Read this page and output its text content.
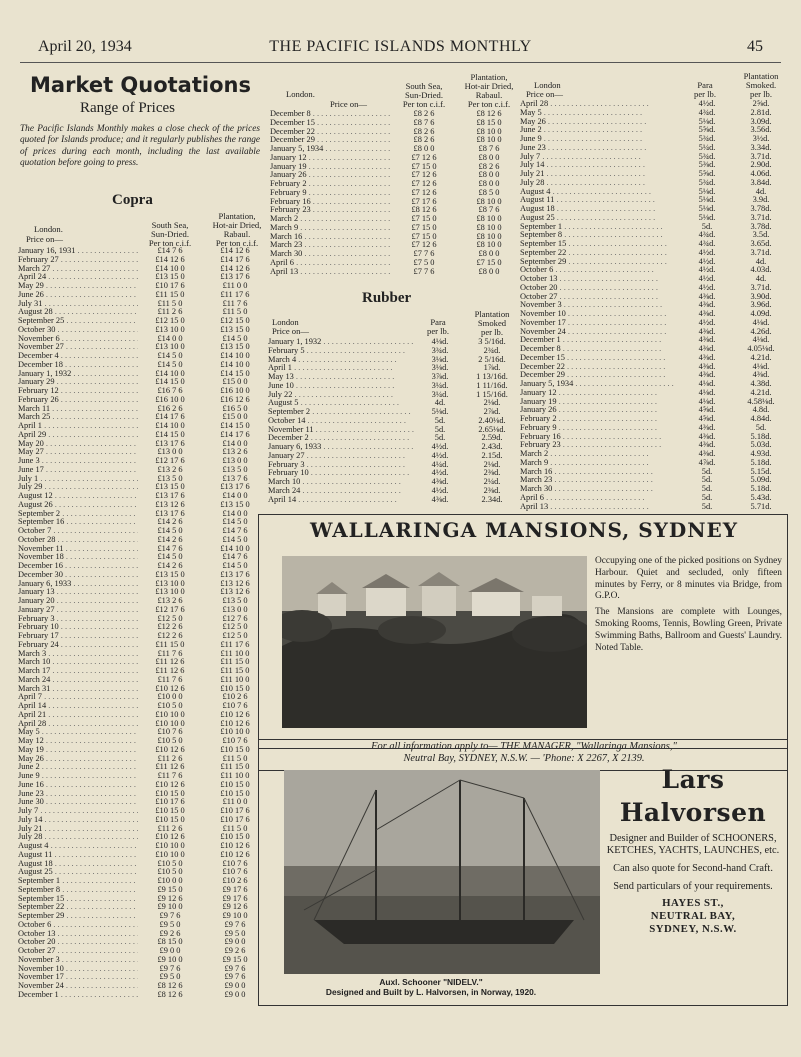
April 20, 1934	THE PACIFIC ISLANDS MONTHLY	45
Market Quotations
Range of Prices
The Pacific Islands Monthly makes a close check of the prices quoted for Islands produce; and it regularly publishes the range of prices during each month, including the last available quotation before going to press.
Copra
London.
Price on—
South Sea,
Sun-Dried.
Per ton c.i.f.
Plantation,
Hot-air Dried,
Rabaul.
Per ton c.i.f.
January 16, 1931 . . .	£14 7 6	£14 12 6
February 27 . . .	£14 12 6	£14 17 6
March 27 . . .	£14 10 0	£14 12 6
April 24 . . .	£13 15 0	£13 17 6
May 29 . . .	£10 17 6	£11 0 0
June 26 . . .	£11 15 0	£11 17 6
July 31 . . .	£11 5 0	£11 7 6
August 28 . . .	£11 2 6	£11 5 0
September 25 . . .	£12 15 0	£12 15 0
October 30 . . .	£13 10 0	£13 15 0
November 6 . . .	£14 0 0	£14 5 0
November 27 . . .	£13 10 0	£13 15 0
December 4 . . .	£14 5 0	£14 10 0
December 18 . . .	£14 5 0	£14 10 0
January 1, 1932 . . .	£14 10 0	£14 15 0
January 29 . . .	£14 15 0	£15 0 0
February 12 . . .	£16 7 6	£16 10 0
February 26 . . .	£16 10 0	£16 12 6
March 11 . . .	£16 2 6	£16 5 0
March 25 . . .	£14 17 6	£15 0 0
April 1 . . .	£14 10 0	£14 15 0
April 29 . . .	£14 15 0	£14 17 6
May 20 . . .	£13 17 6	£14 0 0
May 27 . . .	£13 0 0	£13 2 6
June 3 . . .	£12 17 6	£13 0 0
June 17 . . .	£13 2 6	£13 5 0
July 1 . . .	£13 5 0	£13 7 6
July 29 . . .	£13 15 0	£13 17 6
August 12 . . .	£13 17 6	£14 0 0
August 26 . . .	£13 12 6	£13 15 0
September 2 . . .	£13 17 6	£14 0 0
September 16 . . .	£14 2 6	£14 5 0
October 7 . . .	£14 5 0	£14 7 6
October 28 . . .	£14 2 6	£14 5 0
November 11 . . .	£14 7 6	£14 10 0
November 18 . . .	£14 5 0	£14 7 6
December 16 . . .	£14 2 6	£14 5 0
December 30 . . .	£13 15 0	£13 17 6
January 6, 1933 . . .	£13 10 0	£13 12 6
January 13 . . .	£13 10 0	£13 12 6
January 20 . . .	£13 2 6	£13 5 0
January 27 . . .	£12 17 6	£13 0 0
February 3 . . .	£12 5 0	£12 7 6
February 10 . . .	£12 2 6	£12 5 0
February 17 . . .	£12 2 6	£12 5 0
February 24 . . .	£11 15 0	£11 17 6
March 3 . . .	£11 7 6	£11 10 0
March 10 . . .	£11 12 6	£11 15 0
March 17 . . .	£11 12 6	£11 15 0
March 24 . . .	£11 7 6	£11 10 0
March 31 . . .	£10 12 6	£10 15 0
April 7 . . .	£10 0 0	£10 2 6
April 14 . . .	£10 5 0	£10 7 6
April 21 . . .	£10 10 0	£10 12 6
April 28 . . .	£10 10 0	£10 12 6
May 5 . . .	£10 7 6	£10 10 0
May 12 . . .	£10 5 0	£10 7 6
May 19 . . .	£10 12 6	£10 15 0
May 26 . . .	£11 2 6	£11 5 0
June 2 . . .	£11 12 6	£11 15 0
June 9 . . .	£11 7 6	£11 10 0
June 16 . . .	£10 12 6	£10 15 0
June 23 . . .	£10 15 0	£10 15 0
June 30 . . .	£10 17 6	£11 0 0
July 7 . . .	£10 15 0	£10 17 6
July 14 . . .	£10 15 0	£10 17 6
July 21 . . .	£11 2 6	£11 5 0
July 28 . . .	£10 12 6	£10 15 0
August 4 . . .	£10 10 0	£10 12 6
August 11 . . .	£10 10 0	£10 12 6
August 18 . . .	£10 5 0	£10 7 6
August 25 . . .	£10 5 0	£10 7 6
September 1 . . .	£10 0 0	£10 2 6
September 8 . . .	£9 15 0	£9 17 6
September 15 . . .	£9 12 6	£9 17 6
September 22 . . .	£9 10 0	£9 12 6
September 29 . . .	£9 7 6	£9 10 0
October 6 . . .	£9 5 0	£9 7 6
October 13 . . .	£9 2 6	£9 5 0
October 20 . . .	£8 15 0	£9 0 0
October 27 . . .	£9 0 0	£9 2 6
November 3 . . .	£9 10 0	£9 15 0
November 10 . . .	£9 7 6	£9 7 6
November 17 . . .	£9 5 0	£9 7 6
November 24 . . .	£8 12 6	£9 0 0
December 1 . . .	£8 12 6	£9 0 0
London.
Price on—
South Sea,
Sun-Dried.
Per ton c.i.f.
Plantation,
Hot-air Dried,
Rabaul.
Per ton c.i.f.
December 8 . . .	£8 2 6	£8 12 6
December 15 . . .	£8 7 6	£8 15 0
December 22 . . .	£8 2 6	£8 10 0
December 29 . . .	£8 2 6	£8 10 0
January 5, 1934 . . .	£8 0 0	£8 7 6
January 12 . . .	£7 12 6	£8 0 0
January 19 . . .	£7 15 0	£8 2 6
January 26 . . .	£7 12 6	£8 0 0
February 2 . . .	£7 12 6	£8 0 0
February 9 . . .	£7 12 6	£8 5 0
February 16 . . .	£7 17 6	£8 10 0
February 23 . . .	£8 12 6	£8 7 6
March 2 . . .	£7 15 0	£8 10 0
March 9 . . .	£7 15 0	£8 10 0
March 16 . . .	£7 15 0	£8 10 0
March 23 . . .	£7 12 6	£8 10 0
March 30 . . .	£7 7 6	£8 0 0
April 6 . . .	£7 5 0	£7 15 0
April 13 . . .	£7 7 6	£8 0 0
Rubber
London
Price on—
Para
per lb.
Plantation
Smoked
per lb.
January 1, 1932 . . .	4⅛d.	3 5/16d.
February 5 . . .	3¾d.	2¾d.
March 4 . . .	3⅛d.	2 5/16d.
April 1 . . .	3⅛d.	1⅞d.
May 13 . . .	3⅞d.	1 13/16d.
June 10 . . .	3¼d.	1 11/16d.
July 22 . . .	3¼d.	1 15/16d.
August 5 . . .	4d.	2⅛d.
September 2 . . .	5⅛d.	2⅞d.
October 14 . . .	5d.	2.40⅛d.
November 11 . . .	5d.	2.65⅛d.
December 2 . . .	5d.	2.59d.
January 6, 1933 . . .	4½d.	2.43d.
January 27 . . .	4½d.	2.15d.
February 3 . . .	4¼d.	2⅛d.
February 10 . . .	4½d.	2⅜d.
March 10 . . .	4⅜d.	2¼d.
March 24 . . .	4½d.	2⅜d.
April 14 . . .	4⅜d.	2.34d.
London
Price on—
Para
per lb.
Plantation
Smoked.
per lb.
April 28 . . .	4½d.	2⅝d.
May 5 . . .	4¾d.	2.81d.
May 26 . . .	5⅛d.	3.09d.
June 2 . . .	5⅝d.	3.56d.
June 9 . . .	5¾d.	3½d.
June 23 . . .	5¼d.	3.34d.
July 7 . . .	5¾d.	3.71d.
July 14 . . .	5⅜d.	2.90d.
July 21 . . .	5⅝d.	4.06d.
July 28 . . .	5¾d.	3.84d.
August 4 . . .	5⅛d.	4d.
August 11 . . .	5⅛d.	3.9d.
August 18 . . .	5⅛d.	3.78d.
August 25 . . .	5⅛d.	3.71d.
September 1 . . .	5d.	3.78d.
September 8 . . .	4¾d.	3.5d.
September 15 . . .	4¾d.	3.65d.
September 22 . . .	4½d.	3.71d.
September 29 . . .	4½d.	4d.
October 6 . . .	4½d.	4.03d.
October 13 . . .	4½d.	4d.
October 20 . . .	4½d.	3.71d.
October 27 . . .	4⅜d.	3.90d.
November 3 . . .	4⅜d.	3.96d.
November 10 . . .	4⅜d.	4.09d.
November 17 . . .	4½d.	4⅛d.
November 24 . . .	4⅜d.	4.26d.
December 1 . . .	4⅜d.	4⅛d.
December 8 . . .	4⅜d.	4.05⅛d.
December 15 . . .	4⅜d.	4.21d.
December 22 . . .	4⅜d.	4⅛d.
December 29 . . .	4⅜d.	4⅜d.
January 5, 1934 . . .	4⅛d.	4.38d.
January 12 . . .	4⅛d.	4.21d.
January 19 . . .	4⅛d.	4.58⅛d.
January 26 . . .	4⅝d.	4.8d.
February 2 . . .	4⅝d.	4.84d.
February 9 . . .	4⅜d.	5d.
February 16 . . .	4⅜d.	5.18d.
February 23 . . .	4⅜d.	5.03d.
March 2 . . .	4⅜d.	4.93d.
March 9 . . .	4⅞d.	5.18d.
March 16 . . .	5d.	5.15d.
March 23 . . .	5d.	5.09d.
March 30 . . .	5d.	5.18d.
April 6 . . .	5d.	5.43d.
April 13 . . .	5d.	5.71d.
WALLARINGA MANSIONS, SYDNEY
Occupying one of the picked positions on Sydney Harbour. Quiet and secluded, only fifteen minutes by Ferry, or 8 minutes via Bridge, from G.P.O.
The Mansions are complete with Lounges, Smoking Rooms, Tennis, Bowling Green, Private Swimming Baths, Ballroom and Guests' Laundry. Noted Table.
For all information apply to— THE MANAGER, "Wallaringa Mansions,"
Neutral Bay, SYDNEY, N.S.W. — 'Phone: X 2267, X 2139.
Auxl. Schooner "NIDELV."
Designed and Built by L. Halvorsen, in Norway, 1920.
Lars
Halvorsen
Designer and Builder of SCHOONERS, KETCHES, YACHTS, LAUNCHES, etc.
Can also quote for Second-hand Craft.
Send particulars of your requirements.
HAYES ST.,
NEUTRAL BAY,
SYDNEY, N.S.W.
